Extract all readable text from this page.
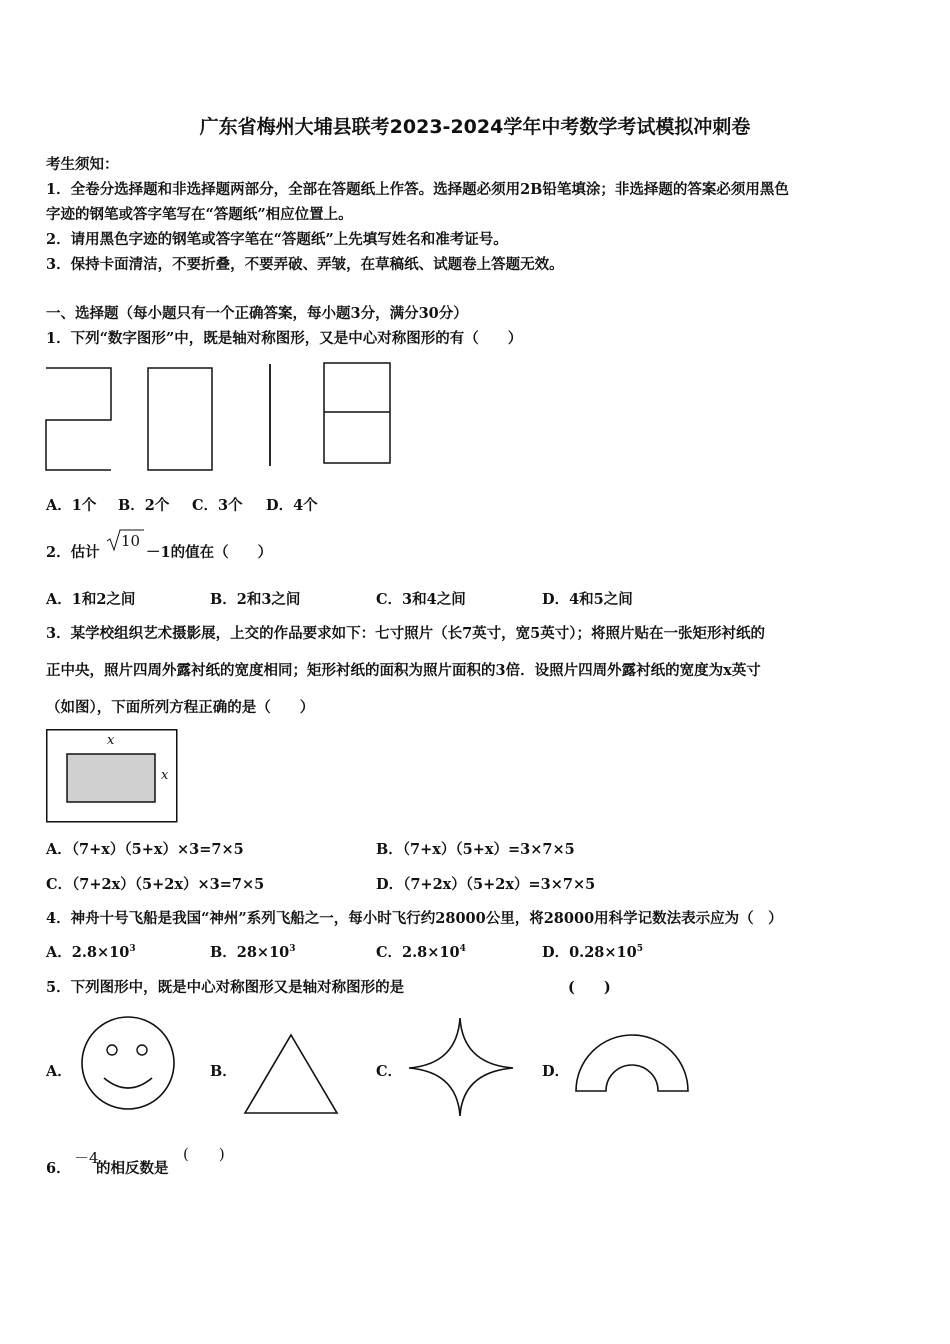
广东省梅州大埔县联考2023-2024学年中考数学考试模拟冲刺卷
考生须知：
1．全卷分选择题和非选择题两部分，全部在答题纸上作答。选择题必须用2B铅笔填涂；非选择题的答案必须用黑色
字迹的钢笔或答字笔写在“答题纸”相应位置上。
2．请用黑色字迹的钢笔或答字笔在“答题纸”上先填写姓名和准考证号。
3．保持卡面清洁，不要折叠，不要弄破、弄皱，在草稿纸、试题卷上答题无效。
一、选择题（每小题只有一个正确答案，每小题3分，满分30分）
1．下列“数字图形”中，既是轴对称图形，又是中心对称图形的有（　　）
A．1个 B．2个 C．3个 D．4个
2．估计
10
－1的值在（　　）
A．1和2之间	B．2和3之间	C．3和4之间	D．4和5之间
3．某学校组织艺术摄影展，上交的作品要求如下：七寸照片（长7英寸，宽5英寸）；将照片贴在一张矩形衬纸的
正中央，照片四周外露衬纸的宽度相同；矩形衬纸的面积为照片面积的3倍．设照片四周外露衬纸的宽度为x英寸
（如图），下面所列方程正确的是（　　）
x
x
A．（7+x）（5+x）×3=7×5	B．（7+x）（5+x）=3×7×5
C．（7+2x）（5+2x）×3=7×5	D．（7+2x）（5+2x）=3×7×5
4．神舟十号飞船是我国“神州”系列飞船之一，每小时飞行约28000公里，将28000用科学记数法表示应为（　）
A．$2.8\times 10^3$	B．$28\times 10^3$	C．$2.8\times 10^4$	D．$0.28\times 10^5$
5．下列图形中，既是中心对称图形又是轴对称图形的是	(　　)
A．	B．	C．	D．
6．
－4
的相反数是
(　　)
